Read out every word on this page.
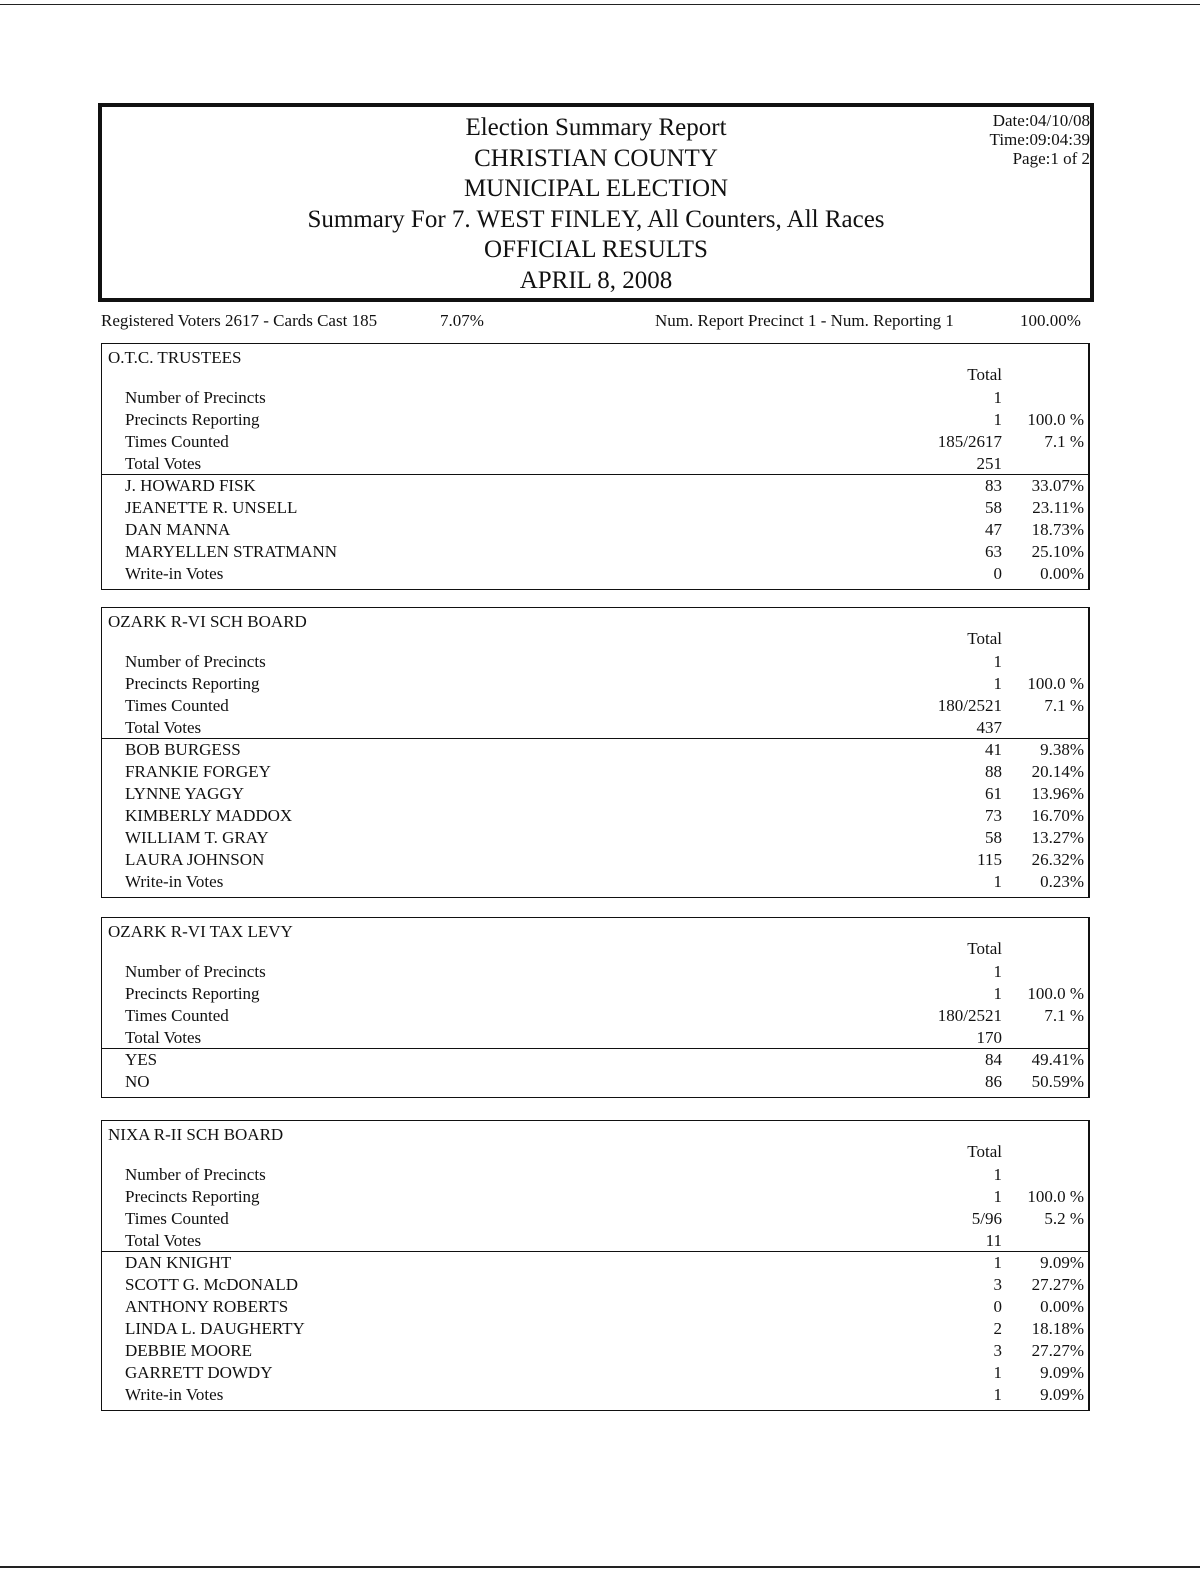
Election Summary Report
CHRISTIAN COUNTY
MUNICIPAL ELECTION
Summary For 7. WEST FINLEY, All Counters, All Races
OFFICIAL RESULTS
APRIL 8, 2008
Date:04/10/08
Time:09:04:39
Page:1 of 2
Registered Voters 2617 - Cards Cast 185	7.07%	Num. Report Precinct 1 - Num. Reporting 1	100.00%
O.T.C. TRUSTEES
Total
Number of Precincts	1
Precincts Reporting	1 100.0 %
Times Counted	185/2617 7.1 %
Total Votes	251
J. HOWARD FISK	83 33.07%
JEANETTE R. UNSELL	58 23.11%
DAN MANNA	47 18.73%
MARYELLEN STRATMANN	63 25.10%
Write-in Votes	0 0.00%
OZARK R-VI SCH BOARD
Total
Number of Precincts	1
Precincts Reporting	1 100.0 %
Times Counted	180/2521 7.1 %
Total Votes	437
BOB BURGESS	41 9.38%
FRANKIE FORGEY	88 20.14%
LYNNE YAGGY	61 13.96%
KIMBERLY MADDOX	73 16.70%
WILLIAM T. GRAY	58 13.27%
LAURA JOHNSON	115 26.32%
Write-in Votes	1 0.23%
OZARK R-VI TAX LEVY
Total
Number of Precincts	1
Precincts Reporting	1 100.0 %
Times Counted	180/2521 7.1 %
Total Votes	170
YES	84 49.41%
NO	86 50.59%
NIXA R-II SCH BOARD
Total
Number of Precincts	1
Precincts Reporting	1 100.0 %
Times Counted	5/96 5.2 %
Total Votes	11
DAN KNIGHT	1 9.09%
SCOTT G. McDONALD	3 27.27%
ANTHONY ROBERTS	0 0.00%
LINDA L. DAUGHERTY	2 18.18%
DEBBIE MOORE	3 27.27%
GARRETT DOWDY	1 9.09%
Write-in Votes	1 9.09%
